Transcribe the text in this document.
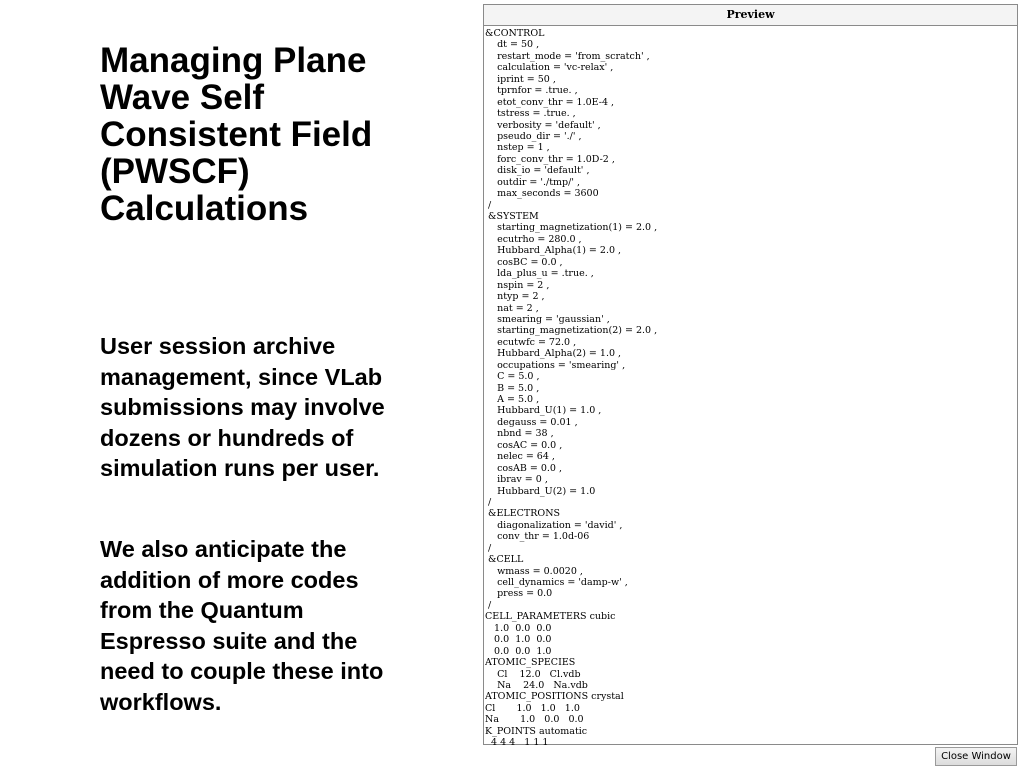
Managing Plane
Wave Self
Consistent Field
(PWSCF)
Calculations

User session archive
management, since VLab
submissions may involve
dozens or hundreds of
simulation runs per user.

We also anticipate the
addition of more codes
from the Quantum
Espresso suite and the
need to couple these into
workflows.

Preview
&CONTROL
dt = 50 ,
restart_mode = 'from_scratch' ,
calculation = 'vc-relax' ,
iprint = 50 ,
tprnfor = .true. ,
etot_conv_thr = 1.0E-4 ,
tstress = .true. ,
verbosity = 'default' ,
pseudo_dir = './' ,
nstep = 1 ,
forc_conv_thr = 1.0D-2 ,
disk_io = 'default' ,
outdir = './tmp/' ,
max_seconds = 3600
/
&SYSTEM
starting_magnetization(1) = 2.0 ,
ecutrho = 280.0 ,
Hubbard_Alpha(1) = 2.0 ,
cosBC = 0.0 ,
lda_plus_u = .true. ,
nspin = 2 ,
ntyp = 2 ,
nat = 2 ,
smearing = 'gaussian' ,
starting_magnetization(2) = 2.0 ,
ecutwfc = 72.0 ,
Hubbard_Alpha(2) = 1.0 ,
occupations = 'smearing' ,
C = 5.0 ,
B = 5.0 ,
A = 5.0 ,
Hubbard_U(1) = 1.0 ,
degauss = 0.01 ,
nbnd = 38 ,
cosAC = 0.0 ,
nelec = 64 ,
cosAB = 0.0 ,
ibrav = 0 ,
Hubbard_U(2) = 1.0
/
&ELECTRONS
diagonalization = 'david' ,
conv_thr = 1.0d-06
/
&CELL
wmass = 0.0020 ,
cell_dynamics = 'damp-w' ,
press = 0.0
/
CELL_PARAMETERS cubic
1.0  0.0  0.0
0.0  1.0  0.0
0.0  0.0  1.0
ATOMIC_SPECIES
Cl    12.0   Cl.vdb
Na    24.0   Na.vdb
ATOMIC_POSITIONS crystal
Cl       1.0   1.0   1.0
Na       1.0   0.0   0.0
K_POINTS automatic
4 4 4   1 1 1
Close Window
